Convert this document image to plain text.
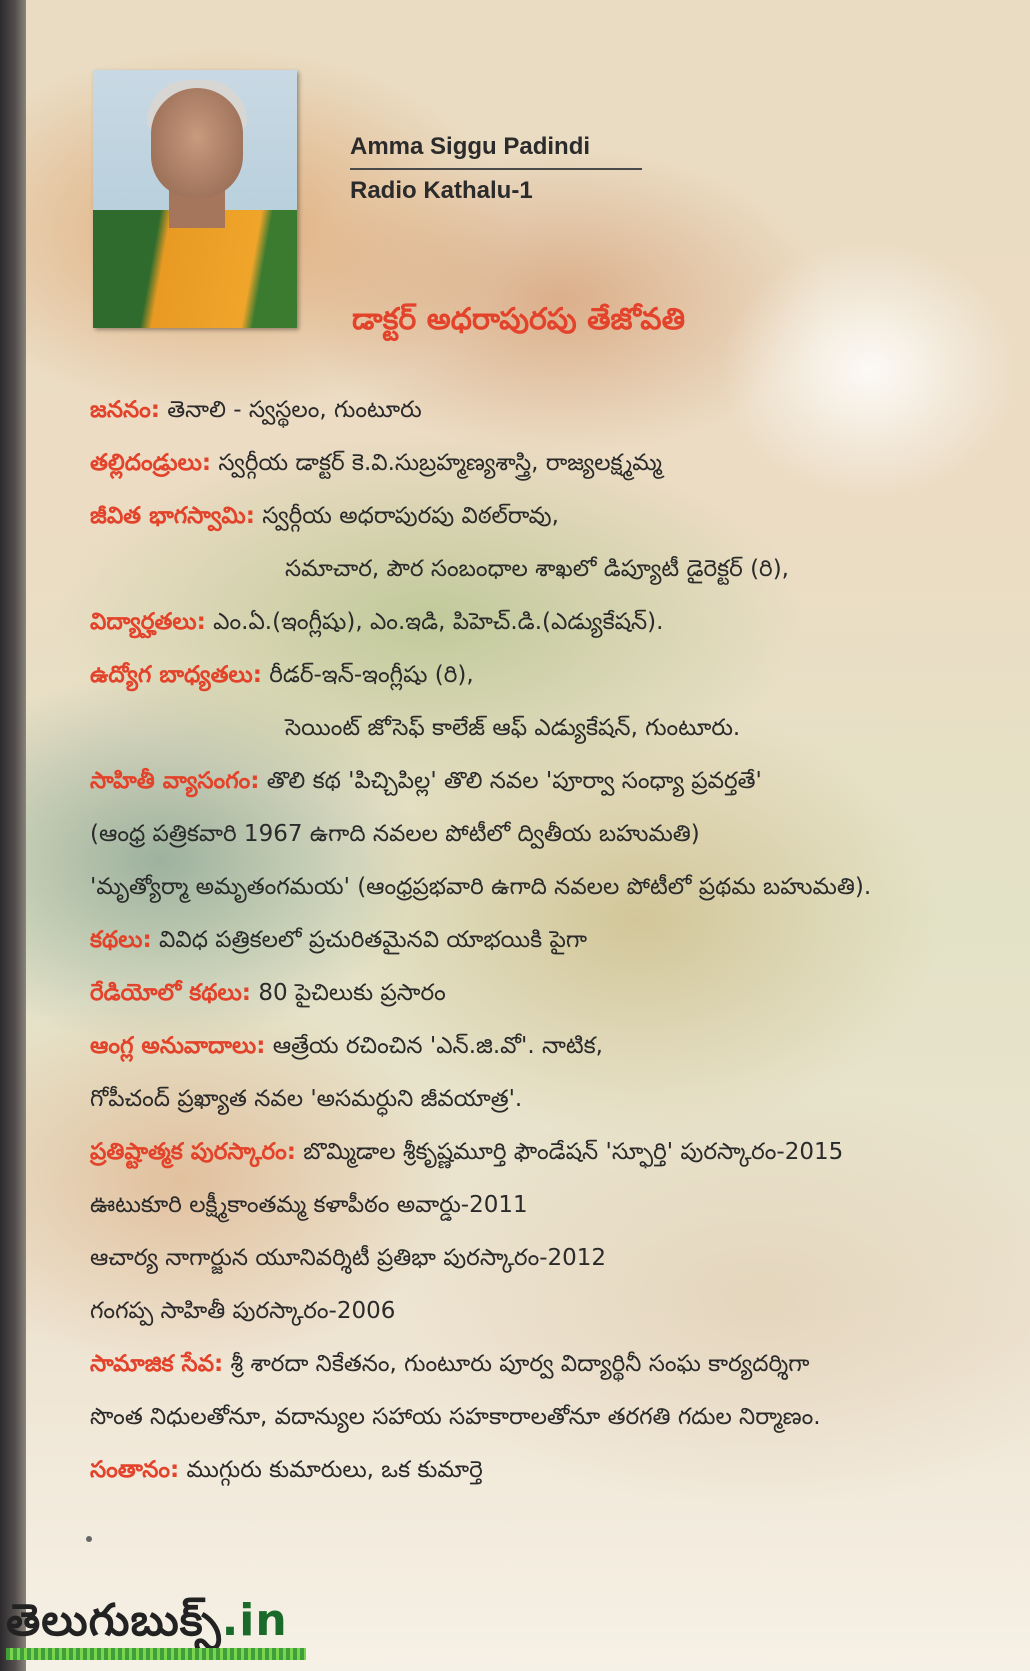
Amma Siggu Padindi
Radio Kathalu-1
డాక్టర్ అధరాపురపు తేజోవతి
జననం: తెనాలి - స్వస్థలం, గుంటూరు
తల్లిదండ్రులు: స్వర్గీయ డాక్టర్ కె.వి.సుబ్రహ్మణ్యశాస్త్రి, రాజ్యలక్ష్మమ్మ
జీవిత భాగస్వామి: స్వర్గీయ అధరాపురపు విఠల్‌రావు,
సమాచార, పౌర సంబంధాల శాఖలో డిప్యూటీ డైరెక్టర్ (రి),
విద్యార్హతలు: ఎం.ఏ.(ఇంగ్లీషు), ఎం.ఇడి, పిహెచ్.డి.(ఎడ్యుకేషన్).
ఉద్యోగ బాధ్యతలు: రీడర్-ఇన్-ఇంగ్లీషు (రి),
సెయింట్ జోసెఫ్ కాలేజ్ ఆఫ్ ఎడ్యుకేషన్, గుంటూరు.
సాహితీ వ్యాసంగం: తొలి కథ 'పిచ్చిపిల్ల' తొలి నవల 'పూర్వా సంధ్యా ప్రవర్తతే'
(ఆంధ్ర పత్రికవారి 1967 ఉగాది నవలల పోటీలో ద్వితీయ బహుమతి)
'మృత్యోర్మా అమృతంగమయ' (ఆంధ్రప్రభవారి ఉగాది నవలల పోటీలో ప్రథమ బహుమతి).
కథలు: వివిధ పత్రికలలో ప్రచురితమైనవి యాభయికి పైగా
రేడియోలో కథలు: 80 పైచిలుకు ప్రసారం
ఆంగ్ల అనువాదాలు: ఆత్రేయ రచించిన 'ఎన్.జి.వో'. నాటిక,
గోపీచంద్ ప్రఖ్యాత నవల 'అసమర్ధుని జీవయాత్ర'.
ప్రతిష్టాత్మక పురస్కారం: బొమ్మిడాల శ్రీకృష్ణమూర్తి ఫౌండేషన్ 'స్ఫూర్తి' పురస్కారం-2015
ఊటుకూరి లక్ష్మీకాంతమ్మ కళాపీఠం అవార్డు-2011
ఆచార్య నాగార్జున యూనివర్శిటీ ప్రతిభా పురస్కారం-2012
గంగప్ప సాహితీ పురస్కారం-2006
సామాజిక సేవ: శ్రీ శారదా నికేతనం, గుంటూరు పూర్వ విద్యార్థినీ సంఘ కార్యదర్శిగా
సొంత నిధులతోనూ, వదాన్యుల సహాయ సహకారాలతోనూ తరగతి గదుల నిర్మాణం.
సంతానం: ముగ్గురు కుమారులు, ఒక కుమార్తె
తెలుగుబుక్స్.in
